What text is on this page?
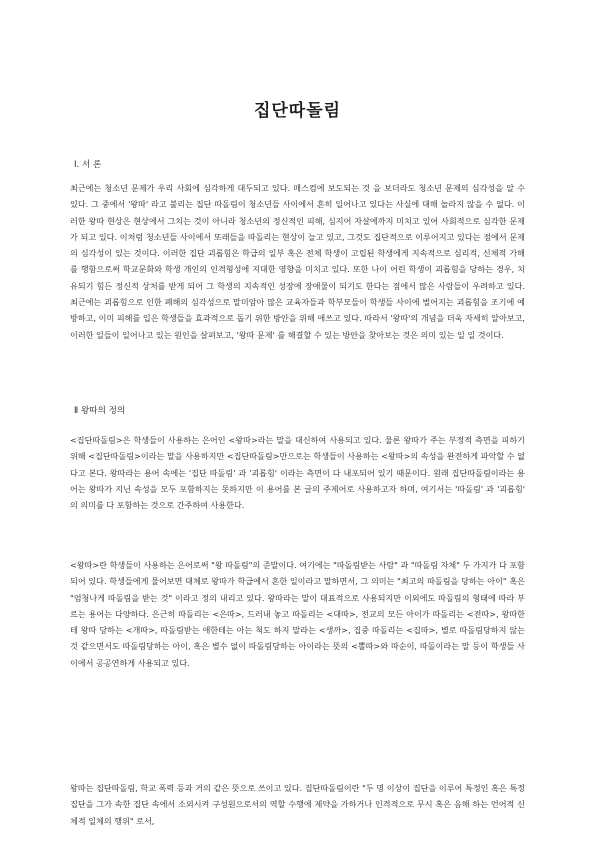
집단따돌림
Ⅰ. 서 론

최근에는 청소년 문제가 우리 사회에 심각하게 대두되고 있다. 매스컴에 보도되는 것 을 보더라도 청소년 문제의 심각성을 알 수 있다. 그 중에서 '왕따' 라고 불리는 집단 따돌림이 청소년들 사이에서 흔히 일어나고 있다는 사실에 대해 놀라지 않을 수 없다. 이러한 왕따 현상은 현상에서 그치는 것이 아니라 청소년의 정신적인 피해, 심지어 자살에까지 미치고 있어 사회적으로 심각한 문제가 되고 있다. 이처럼 청소년들 사이에서 또래들을 따돌리는 현상이 늘고 있고, 그것도 집단적으로 이루어지고 있다는 점에서 문제의 심각성이 있는 것이다. 이러한 집단 괴롭힘은 학급의 일부 혹은 전체 학생이 고립된 학생에게 지속적으로 심리적, 신체적 가해를 행함으로써 학교문화와 학생 개인의 인격형성에 지대한 영향을 미치고 있다. 또한 나이 어린 학생이 괴롭힘을 당하는 경우, 치유되기 힘든 정신적 상처를 받게 되어 그 학생의 지속적인 성장에 장애물이 되기도 한다는 점에서 많은 사람들이 우려하고 있다. 최근에는 괴롭힘으로 인한 폐해의 심각성으로 말미암아 많은 교육자들과 학부모들이 학생들 사이에 벌어지는 괴롭힘을 조기에 예방하고, 이미 피해를 입은 학생들을 효과적으로 돕기 위한 방안을 위해 애쓰고 있다. 따라서 '왕따'의 개념을 더욱 자세히 알아보고, 이러한 일들이 일어나고 있는 원인을 살펴보고, '왕따 문제' 를 해결할 수 있는 방안을 찾아보는 것은 의미 있는 일 일 것이다.

Ⅱ 왕따의 정의

<집단따돌림>은 학생들이 사용하는 은어인 <왕따>라는 말을 대신하여 사용되고 있다. 물론 왕따가 주는 부정적 측면을 피하기 위해 <집단따돌림>이라는 말을 사용하지만 <집단따돌림>만으로는 학생들이 사용하는 <왕따>의 속성을 완전하게 파악할 수 없다고 본다. 왕따라는 용어 속에는 '집단 따돌림' 과 '괴롭힘' 이라는 측면이 다 내포되어 있기 때문이다. 원래 집단따돌림이라는 용어는 왕따가 지닌 속성을 모두 포함하지는 못하지만 이 용어를 본 글의 주제어로 사용하고자 하며, 여기서는 '따돌림' 과 '괴롭힘' 의 의미를 다 포함하는 것으로 간주하여 사용한다.

<왕따>란 학생들이 사용하는 은어로써 "왕 따돌림"의 준말이다. 여기에는 "따돌림받는 사람" 과 "따돌림 자체" 두 가지가 다 포함되어 있다. 학생들에게 물어보면 대체로 왕따가 학급에서 흔한 일이라고 말하면서, 그 의미는 "최고의 따돌림을 당하는 아이" 혹은 "엄청나게 따돌림을 받는 것" 이라고 정의 내리고 있다. 왕따라는 말이 대표적으로 사용되지만 이외에도 따돌림의 형태에 따라 부르는 용어는 다양하다. 은근히 따돌리는 <은따>, 드러내 놓고 따돌리는 <대따>, 전교의 모든 아이가 따돌리는 <전따>, 왕따한테 왕따 당하는 <개따>, 따돌림받는 애한테는 아는 척도 하지 말라는 <생까>, 집중 따돌리는 <집따>, 별로 따돌림당하지 않는 것 같으면서도 따돌림당하는 아이, 혹은 별수 없이 따돌림당하는 아이라는 뜻의 <뽈따>와 따순이, 따돌이라는 말 등이 학생들 사이에서 공공연하게 사용되고 있다.

왕따는 집단따돌림, 학교 폭력 등과 거의 같은 뜻으로 쓰이고 있다. 집단따돌림이란 "두 명 이상이 집단을 이루어 특정인 혹은 특정 집단을 그가 속한 집단 속에서 소외시켜 구성원으로서의 역할 수행에 제약을 가하거나 인격적으로 무시 혹은 음해 하는 언어적 신체적 일체의 행위" 로서,
